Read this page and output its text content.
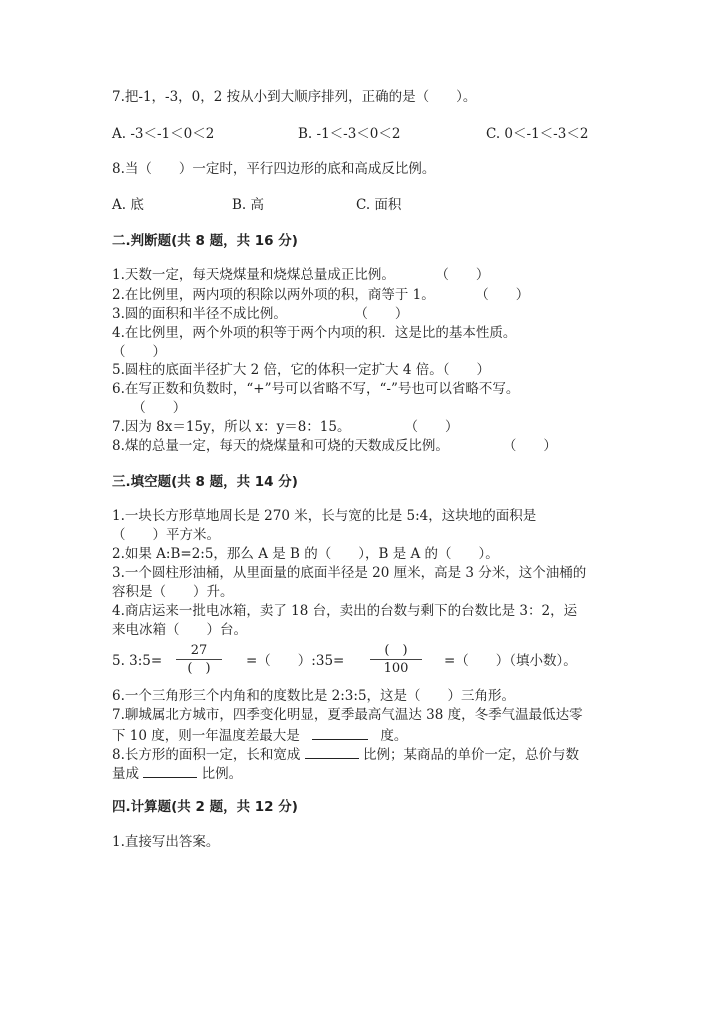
7.把-1，-3，0，2 按从小到大顺序排列，正确的是（　　）。
A. -3＜-1＜0＜2	B. -1＜-3＜0＜2	C. 0＜-1＜-3＜2
8.当（　　）一定时，平行四边形的底和高成反比例。
A. 底	B. 高	C. 面积
二.判断题(共 8 题，共 16 分)
1.天数一定，每天烧煤量和烧煤总量成正比例。　　　　（　　）
2.在比例里，两内项的积除以两外项的积，商等于 1。　　　　（　　）
3.圆的面积和半径不成比例。　　　　　　（　　）
4.在比例里，两个外项的积等于两个内项的积．这是比的基本性质。
（　　）
5.圆柱的底面半径扩大 2 倍，它的体积一定扩大 4 倍。（　　）
6.在写正数和负数时，“+”号可以省略不写，“-”号也可以省略不写。
　　（　　）
7.因为 8x＝15y，所以 x：y＝8：15。　　　　　（　　）
8.煤的总量一定，每天的烧煤量和可烧的天数成反比例。　　　　　（　　）
三.填空题(共 8 题，共 14 分)
1.一块长方形草地周长是 270 米，长与宽的比是 5:4，这块地的面积是
（　　）平方米。
2.如果 A:B=2:5，那么 A 是 B 的（　　），B 是 A 的（　　）。
3.一个圆柱形油桶，从里面量的底面半径是 20 厘米，高是 3 分米，这个油桶的
容积是（　　）升。
4.商店运来一批电冰箱，卖了 18 台，卖出的台数与剩下的台数比是 3：2，运
来电冰箱（　　）台。
5. 3:5=
27
(　)	=（　　）:35=
(　)
100	=（　　）（填小数）。
6.一个三角形三个内角和的度数比是 2:3:5，这是（　　）三角形。
7.聊城属北方城市，四季变化明显，夏季最高气温达 38 度，冬季气温最低达零
下 10 度，则一年温度差最大是	度。
8.长方形的面积一定，长和宽成	比例；某商品的单价一定，总价与数
量成	比例。
四.计算题(共 2 题，共 12 分)
1.直接写出答案。
